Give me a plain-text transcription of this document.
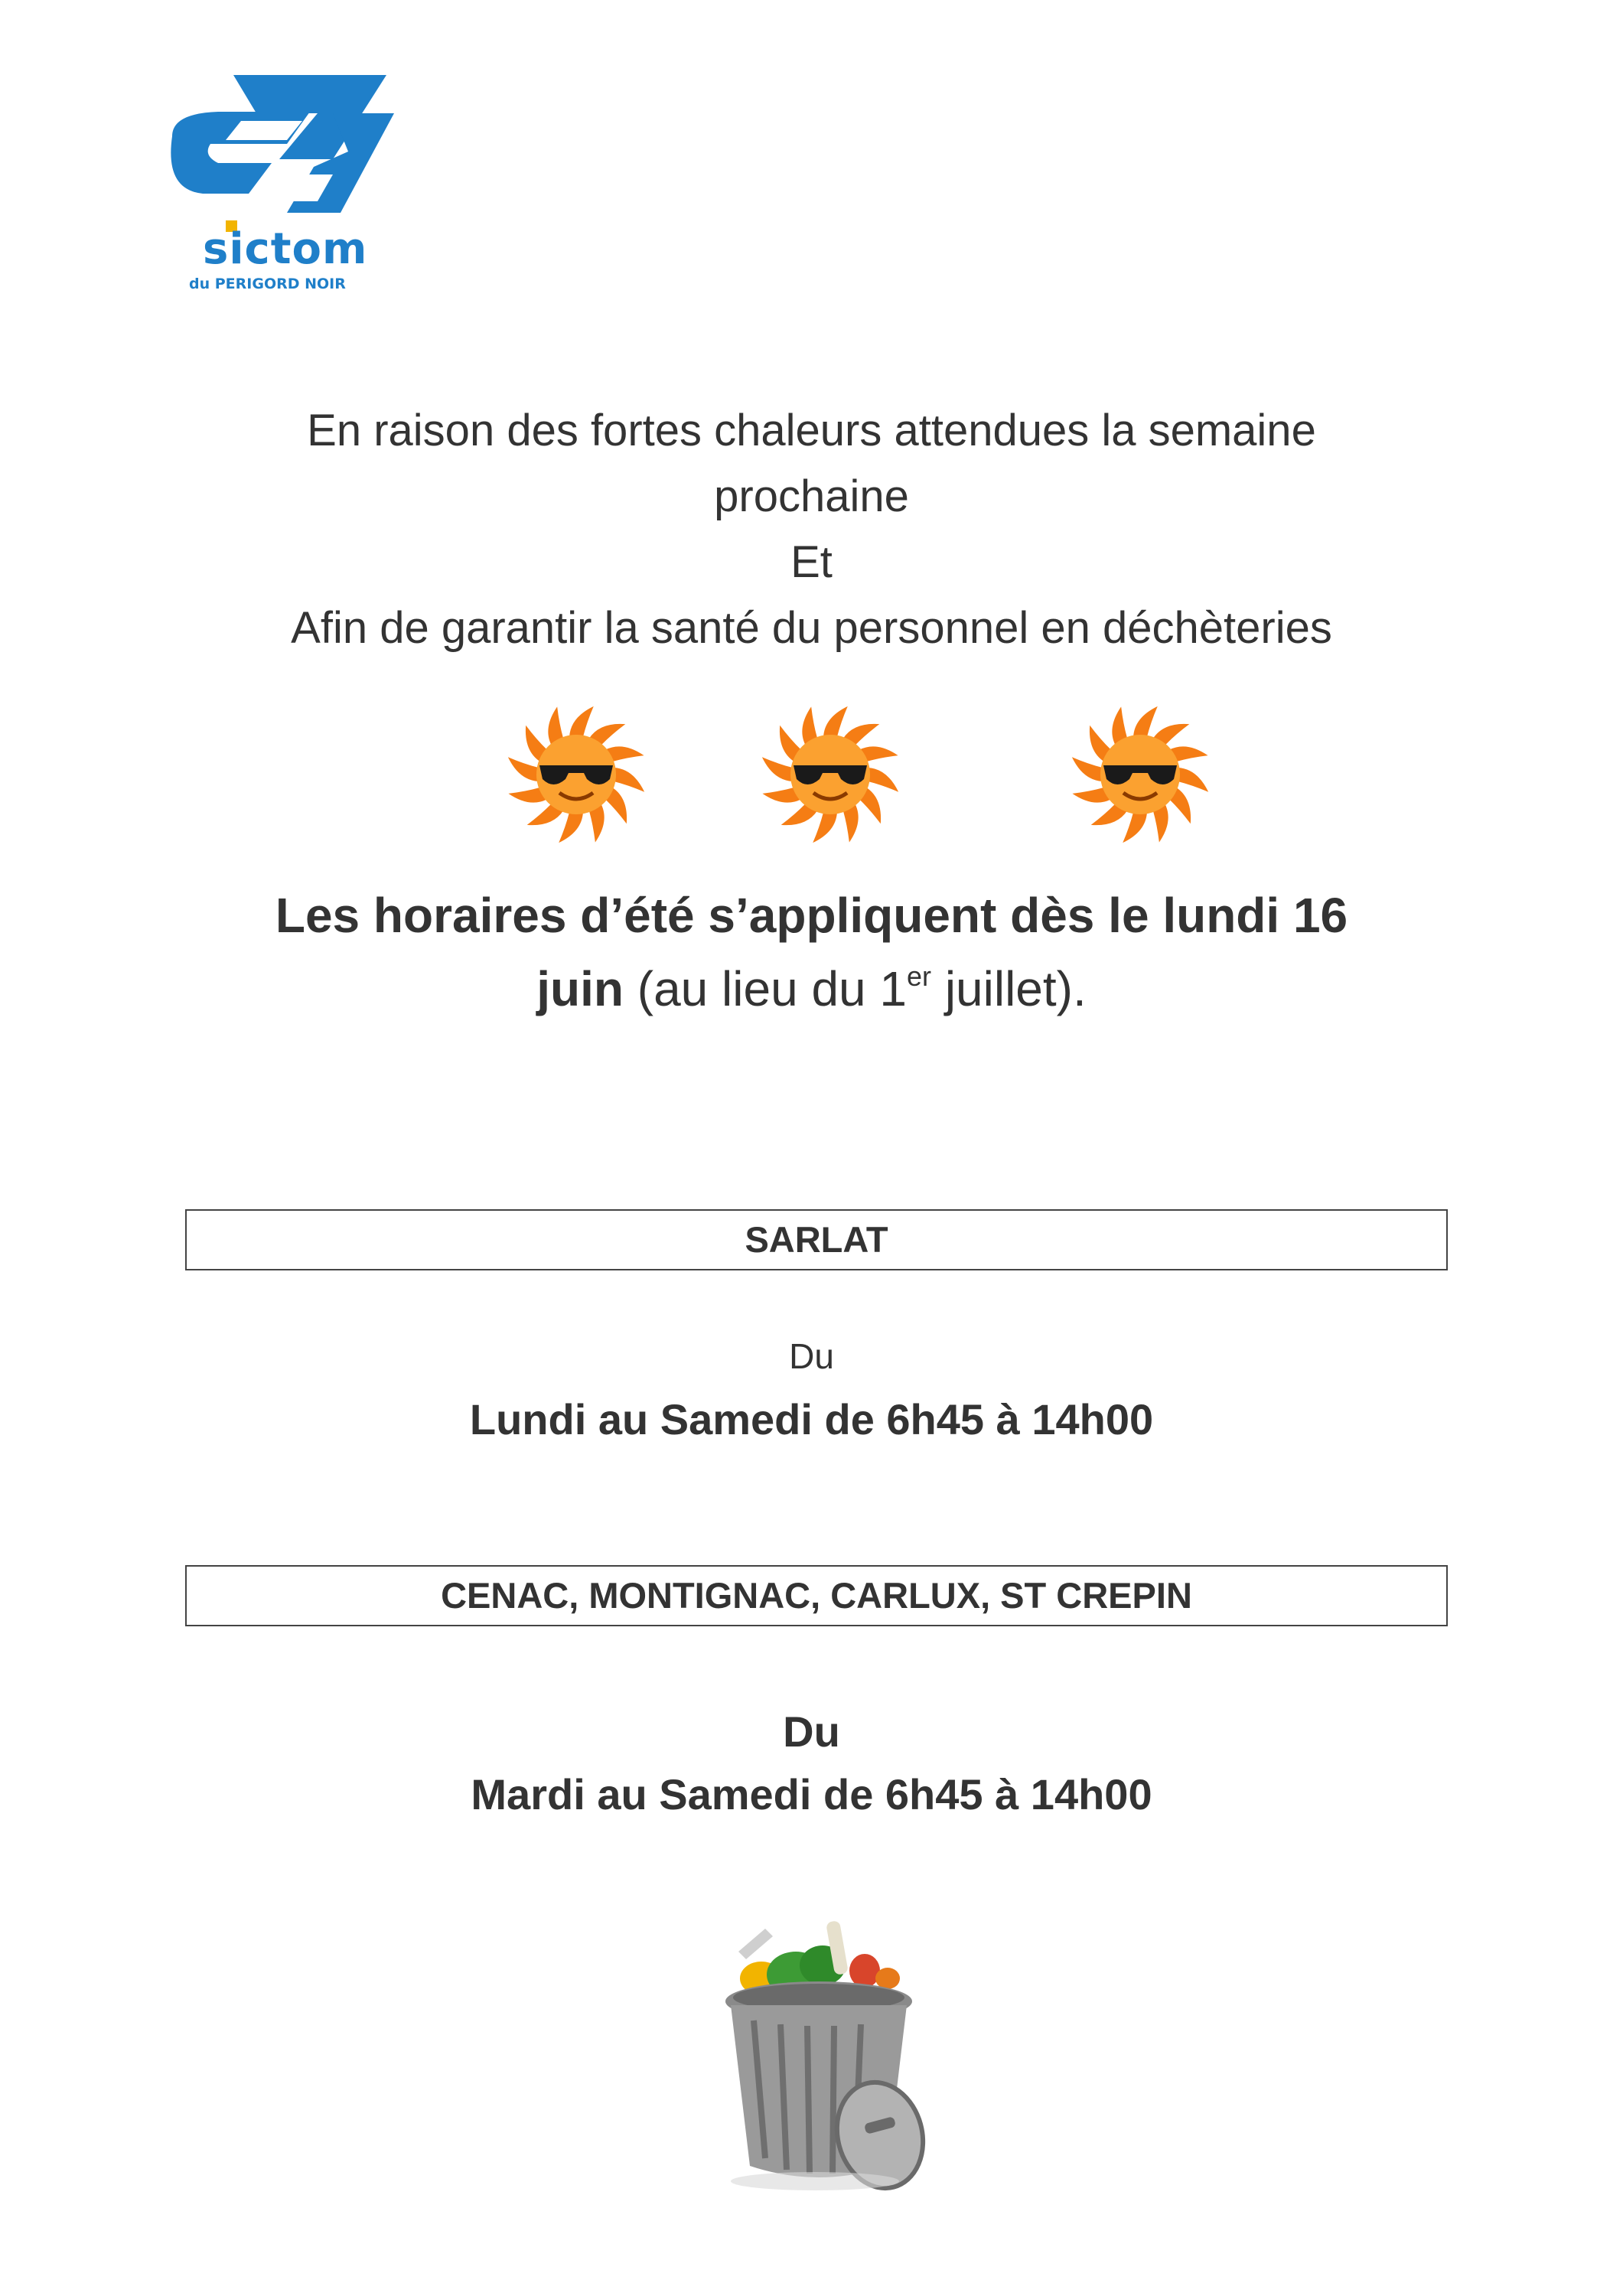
sictom
du PERIGORD NOIR
En raison des fortes chaleurs attendues la semaine
prochaine
Et
Afin de garantir la santé du personnel en déchèteries
Les horaires d’été s’appliquent dès le lundi 16
juin (au lieu du 1er juillet).
SARLAT
Du
Lundi au Samedi de 6h45 à 14h00
CENAC, MONTIGNAC, CARLUX, ST CREPIN
Du
Mardi au Samedi de 6h45 à 14h00
